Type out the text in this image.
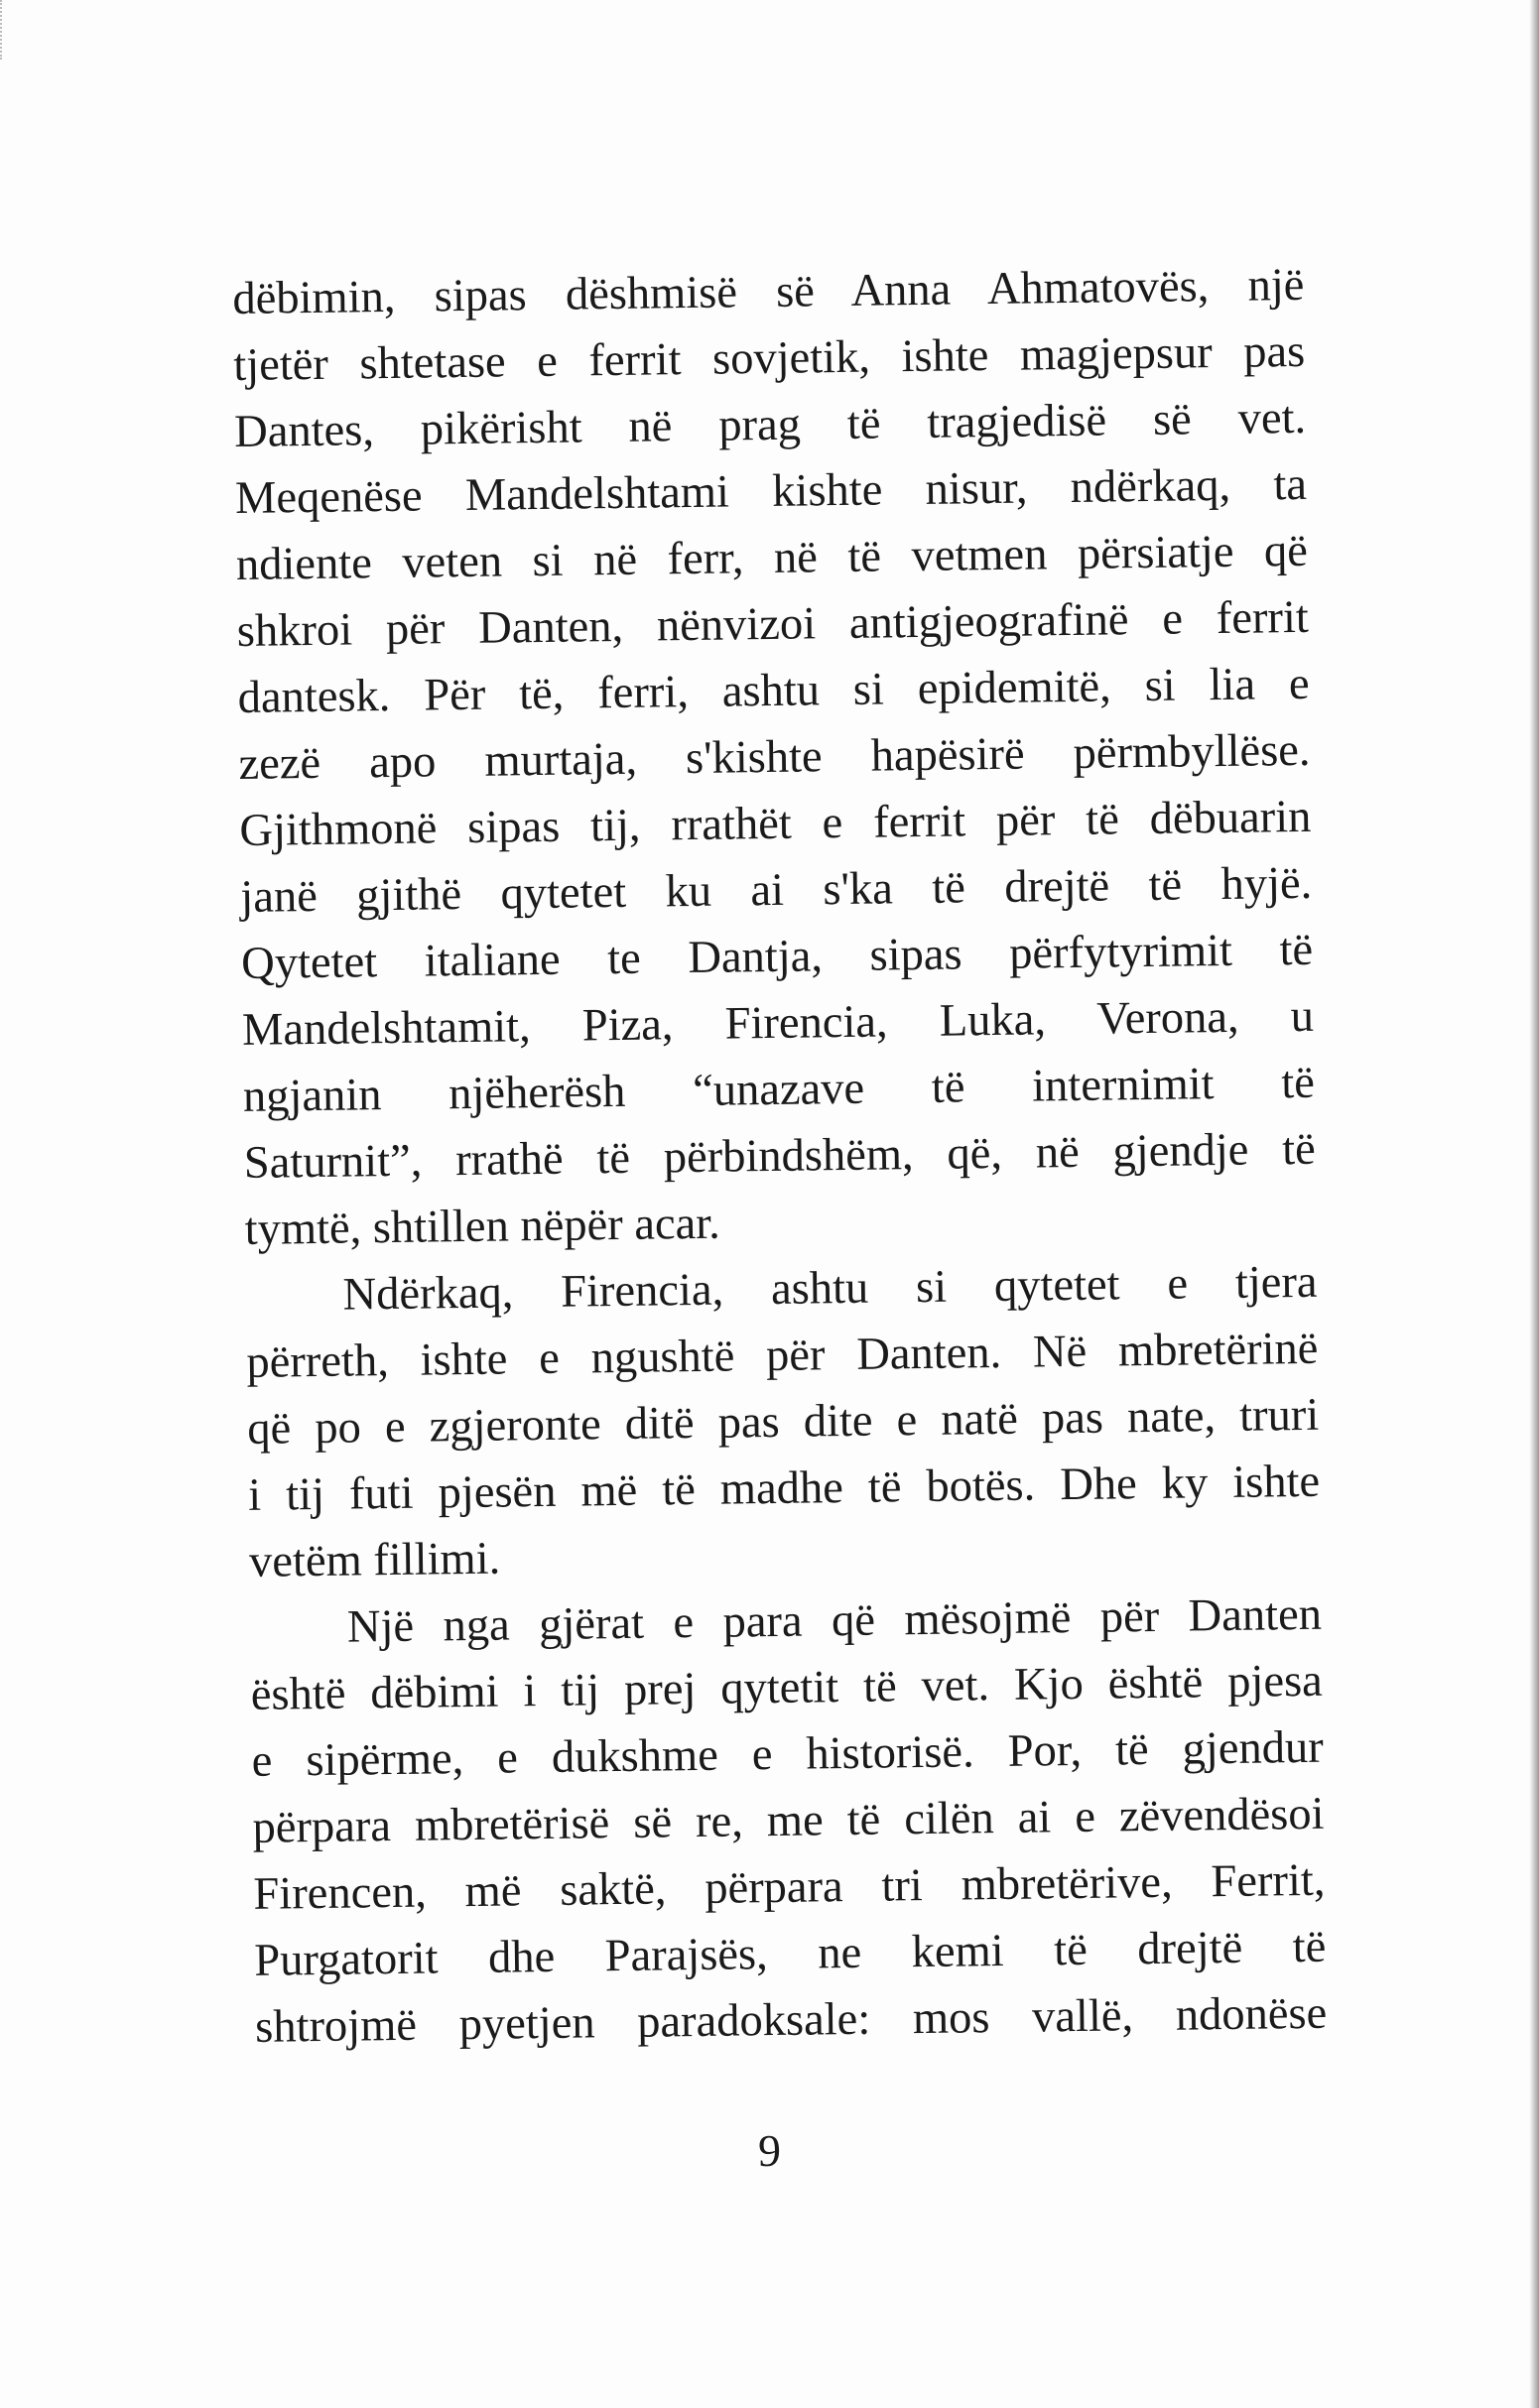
dëbimin, sipas dëshmisë së Anna Ahmatovës, një
tjetër shtetase e ferrit sovjetik, ishte magjepsur pas
Dantes, pikërisht në prag të tragjedisë së vet.
Meqenëse Mandelshtami kishte nisur, ndërkaq, ta
ndiente veten si në ferr, në të vetmen përsiatje që
shkroi për Danten, nënvizoi antigjeografinë e ferrit
dantesk. Për të, ferri, ashtu si epidemitë, si lia e
zezë apo murtaja, s'kishte hapësirë përmbyllëse.
Gjithmonë sipas tij, rrathët e ferrit për të dëbuarin
janë gjithë qytetet ku ai s'ka të drejtë të hyjë.
Qytetet italiane te Dantja, sipas përfytyrimit të
Mandelshtamit, Piza, Firencia, Luka, Verona, u
ngjanin njëherësh “unazave të internimit të
Saturnit”, rrathë të përbindshëm, që, në gjendje të
tymtë, shtillen nëpër acar.
Ndërkaq, Firencia, ashtu si qytetet e tjera
përreth, ishte e ngushtë për Danten. Në mbretërinë
që po e zgjeronte ditë pas dite e natë pas nate, truri
i tij futi pjesën më të madhe të botës. Dhe ky ishte
vetëm fillimi.
Një nga gjërat e para që mësojmë për Danten
është dëbimi i tij prej qytetit të vet. Kjo është pjesa
e sipërme, e dukshme e historisë. Por, të gjendur
përpara mbretërisë së re, me të cilën ai e zëvendësoi
Firencen, më saktë, përpara tri mbretërive, Ferrit,
Purgatorit dhe Parajsës, ne kemi të drejtë të
shtrojmë pyetjen paradoksale: mos vallë, ndonëse
9
